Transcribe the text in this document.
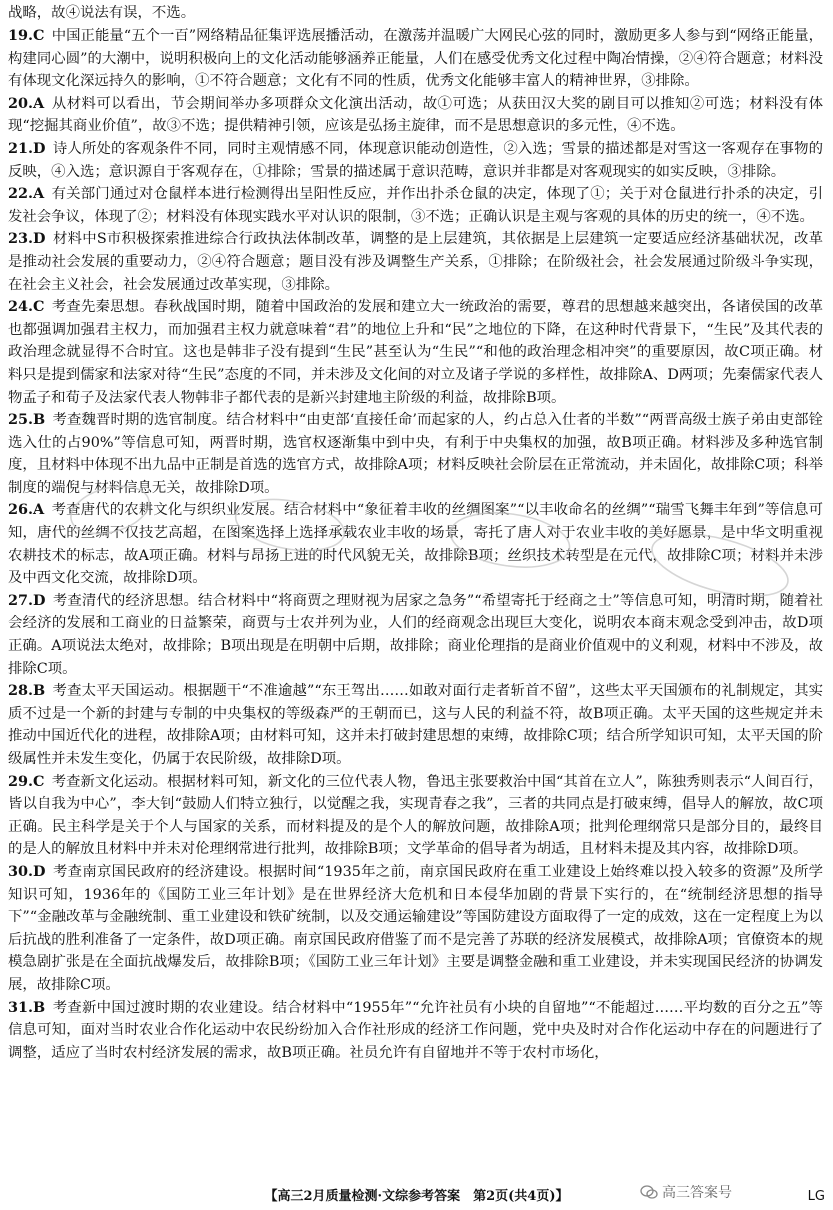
战略，故④说法有误，不选。

19.C  中国正能量“五个一百”网络精品征集评选展播活动，在激荡并温暖广大网民心弦的同时，激励更多人参与到“网络正能量，构建同心圆”的大潮中，说明积极向上的文化活动能够涵养正能量，人们在感受优秀文化过程中陶冶情操，②④符合题意；材料没有体现文化深远持久的影响，①不符合题意；文化有不同的性质，优秀文化能够丰富人的精神世界，③排除。

20.A  从材料可以看出，节会期间举办多项群众文化演出活动，故①可选；从获田汉大奖的剧目可以推知②可选；材料没有体现“挖掘其商业价值”，故③不选；提供精神引领，应该是弘扬主旋律，而不是思想意识的多元性，④不选。

21.D  诗人所处的客观条件不同，同时主观情感不同，体现意识能动创造性，②入选；雪景的描述都是对雪这一客观存在事物的反映，④入选；意识源自于客观存在，①排除；雪景的描述属于意识范畴，意识并非都是对客观现实的如实反映，③排除。

22.A  有关部门通过对仓鼠样本进行检测得出呈阳性反应，并作出扑杀仓鼠的决定，体现了①；关于对仓鼠进行扑杀的决定，引发社会争议，体现了②；材料没有体现实践水平对认识的限制，③不选；正确认识是主观与客观的具体的历史的统一，④不选。

23.D  材料中S市积极探索推进综合行政执法体制改革，调整的是上层建筑，其依据是上层建筑一定要适应经济基础状况，改革是推动社会发展的重要动力，②④符合题意；题目没有涉及调整生产关系，①排除；在阶级社会，社会发展通过阶级斗争实现，在社会主义社会，社会发展通过改革实现，③排除。

24.C  考查先秦思想。春秋战国时期，随着中国政治的发展和建立大一统政治的需要，尊君的思想越来越突出，各诸侯国的改革也都强调加强君主权力，而加强君主权力就意味着“君”的地位上升和“民”之地位的下降，在这种时代背景下，“生民”及其代表的政治理念就显得不合时宜。这也是韩非子没有提到“生民”甚至认为“生民”“和他的政治理念相冲突”的重要原因，故C项正确。材料只是提到儒家和法家对待“生民”态度的不同，并未涉及文化间的对立及诸子学说的多样性，故排除A、D两项；先秦儒家代表人物孟子和荀子及法家代表人物韩非子都代表的是新兴封建地主阶级的利益，故排除B项。

25.B  考查魏晋时期的选官制度。结合材料中“由吏部‘直接任命’而起家的人，约占总入仕者的半数”“两晋高级士族子弟由吏部铨选入仕的占90%”等信息可知，两晋时期，选官权逐渐集中到中央，有利于中央集权的加强，故B项正确。材料涉及多种选官制度，且材料中体现不出九品中正制是首选的选官方式，故排除A项；材料反映社会阶层在正常流动，并未固化，故排除C项；科举制度的端倪与材料信息无关，故排除D项。

26.A  考查唐代的农耕文化与织织业发展。结合材料中“象征着丰收的丝绸图案”“以丰收命名的丝绸”“瑞雪飞舞丰年到”等信息可知，唐代的丝绸不仅技艺高超，在图案选择上选择承载农业丰收的场景，寄托了唐人对于农业丰收的美好愿景，是中华文明重视农耕技术的标志，故A项正确。材料与昂扬上进的时代风貌无关，故排除B项；丝织技术转型是在元代，故排除C项；材料并未涉及中西文化交流，故排除D项。

27.D  考查清代的经济思想。结合材料中“将商贾之理财视为居家之急务”“希望寄托于经商之士”等信息可知，明清时期，随着社会经济的发展和工商业的日益繁荣，商贾与士农并列为业，人们的经商观念出现巨大变化，说明农本商末观念受到冲击，故D项正确。A项说法太绝对，故排除；B项出现是在明朝中后期，故排除；商业伦理指的是商业价值观中的义利观，材料中不涉及，故排除C项。

28.B  考查太平天国运动。根据题干“不准逾越”“东王驾出……如敢对面行走者斩首不留”，这些太平天国颁布的礼制规定，其实质不过是一个新的封建与专制的中央集权的等级森严的王朝而已，这与人民的利益不符，故B项正确。太平天国的这些规定并未推动中国近代化的进程，故排除A项；由材料可知，这并未打破封建思想的束缚，故排除C项；结合所学知识可知，太平天国的阶级属性并未发生变化，仍属于农民阶级，故排除D项。

29.C  考查新文化运动。根据材料可知，新文化的三位代表人物，鲁迅主张要救治中国“其首在立人”，陈独秀则表示“人间百行，皆以自我为中心”，李大钊“鼓励人们特立独行，以觉醒之我，实现青春之我”，三者的共同点是打破束缚，倡导人的解放，故C项正确。民主科学是关于个人与国家的关系，而材料提及的是个人的解放问题，故排除A项；批判伦理纲常只是部分目的，最终目的是人的解放且材料中并未对伦理纲常进行批判，故排除B项；文学革命的倡导者为胡适，且材料未提及其内容，故排除D项。

30.D  考查南京国民政府的经济建设。根据时间“1935年之前，南京国民政府在重工业建设上始终难以投入较多的资源”及所学知识可知，1936年的《国防工业三年计划》是在世界经济大危机和日本侵华加剧的背景下实行的，在“统制经济思想的指导下”“金融改革与金融统制、重工业建设和铁矿统制，以及交通运输建设”等国防建设方面取得了一定的成效，这在一定程度上为以后抗战的胜利准备了一定条件，故D项正确。南京国民政府借鉴了而不是完善了苏联的经济发展模式，故排除A项；官僚资本的规模急剧扩张是在全面抗战爆发后，故排除B项；《国防工业三年计划》主要是调整金融和重工业建设，并未实现国民经济的协调发展，故排除C项。

31.B  考查新中国过渡时期的农业建设。结合材料中“1955年”“允许社员有小块的自留地”“不能超过……平均数的百分之五”等信息可知，面对当时农业合作化运动中农民纷纷加入合作社形成的经济工作问题，党中央及时对合作化运动中存在的问题进行了调整，适应了当时农村经济发展的需求，故B项正确。社员允许有自留地并不等于农村市场化，

【高三2月质量检测·文综参考答案　第2页(共4页)】	LG
高三答案号
